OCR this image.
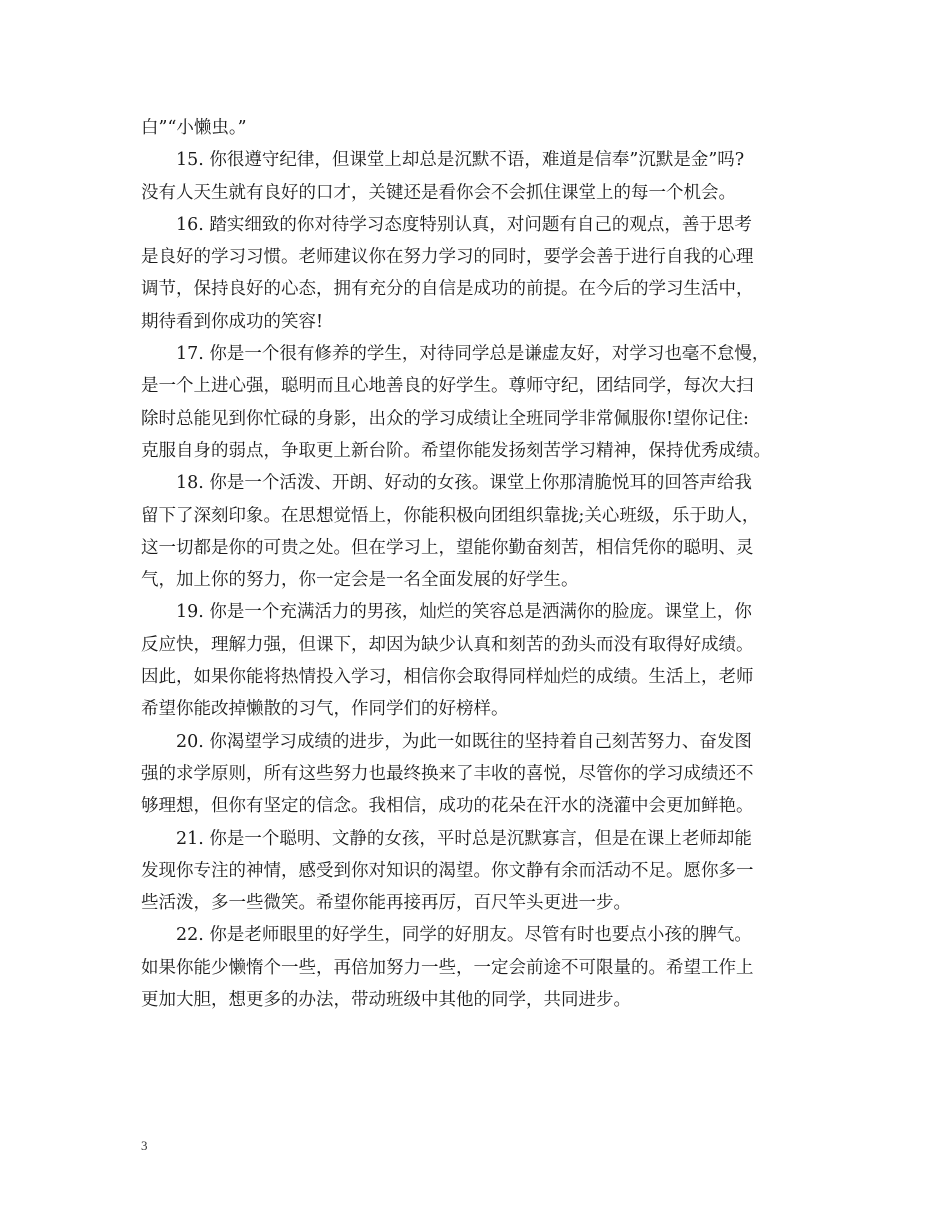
白”“小懒虫。”
15. 你很遵守纪律，但课堂上却总是沉默不语，难道是信奉”沉默是金”吗?
没有人天生就有良好的口才，关键还是看你会不会抓住课堂上的每一个机会。
16. 踏实细致的你对待学习态度特别认真，对问题有自己的观点，善于思考
是良好的学习习惯。老师建议你在努力学习的同时，要学会善于进行自我的心理
调节，保持良好的心态，拥有充分的自信是成功的前提。在今后的学习生活中，
期待看到你成功的笑容!
17. 你是一个很有修养的学生，对待同学总是谦虚友好，对学习也毫不怠慢，
是一个上进心强，聪明而且心地善良的好学生。尊师守纪，团结同学，每次大扫
除时总能见到你忙碌的身影，出众的学习成绩让全班同学非常佩服你!望你记住:
克服自身的弱点，争取更上新台阶。希望你能发扬刻苦学习精神，保持优秀成绩。
18. 你是一个活泼、开朗、好动的女孩。课堂上你那清脆悦耳的回答声给我
留下了深刻印象。在思想觉悟上，你能积极向团组织靠拢;关心班级，乐于助人，
这一切都是你的可贵之处。但在学习上，望能你勤奋刻苦，相信凭你的聪明、灵
气，加上你的努力，你一定会是一名全面发展的好学生。
19. 你是一个充满活力的男孩，灿烂的笑容总是洒满你的脸庞。课堂上，你
反应快，理解力强，但课下，却因为缺少认真和刻苦的劲头而没有取得好成绩。
因此，如果你能将热情投入学习，相信你会取得同样灿烂的成绩。生活上，老师
希望你能改掉懒散的习气，作同学们的好榜样。
20. 你渴望学习成绩的进步，为此一如既往的坚持着自己刻苦努力、奋发图
强的求学原则，所有这些努力也最终换来了丰收的喜悦，尽管你的学习成绩还不
够理想，但你有坚定的信念。我相信，成功的花朵在汗水的浇灌中会更加鲜艳。
21. 你是一个聪明、文静的女孩，平时总是沉默寡言，但是在课上老师却能
发现你专注的神情，感受到你对知识的渴望。你文静有余而活动不足。愿你多一
些活泼，多一些微笑。希望你能再接再厉，百尺竿头更进一步。
22. 你是老师眼里的好学生，同学的好朋友。尽管有时也要点小孩的脾气。
如果你能少懒惰个一些，再倍加努力一些，一定会前途不可限量的。希望工作上
更加大胆，想更多的办法，带动班级中其他的同学，共同进步。
3
